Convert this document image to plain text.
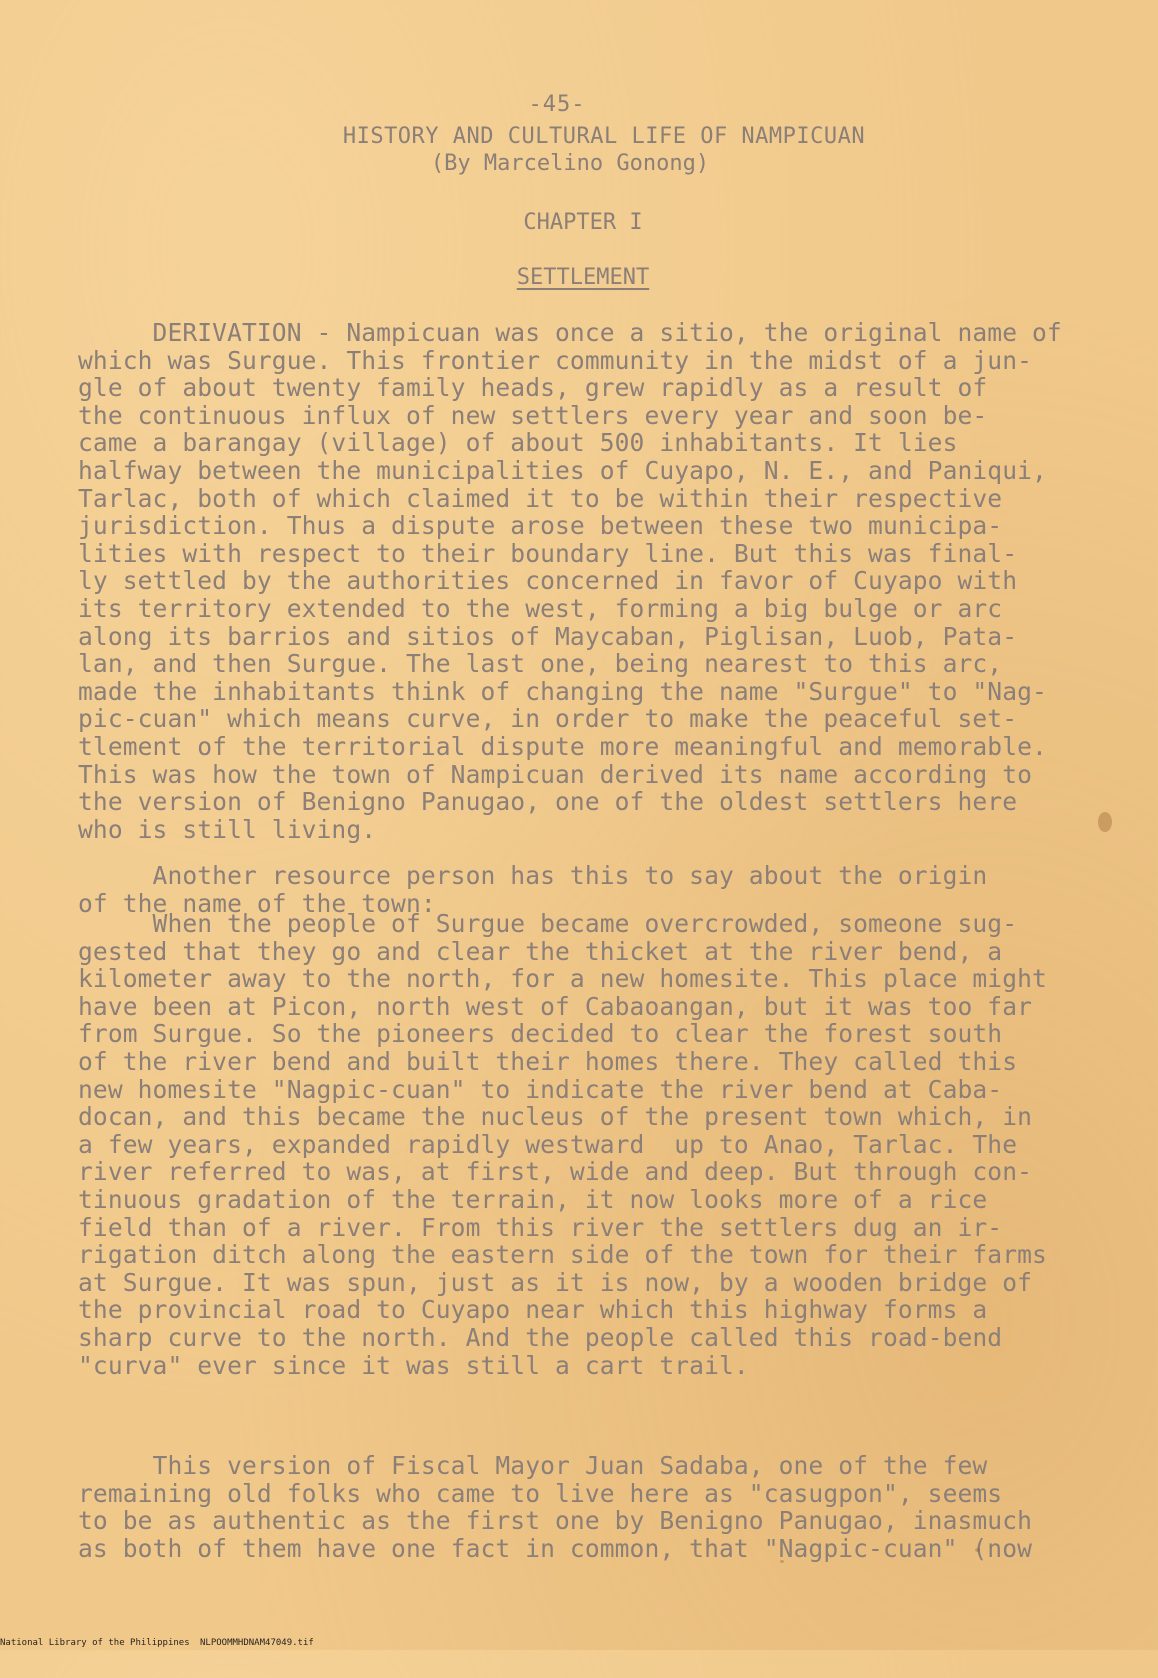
-45-
HISTORY AND CULTURAL LIFE OF NAMPICUAN
(By Marcelino Gonong)
CHAPTER I
SETTLEMENT
DERIVATION - Nampicuan was once a sitio, the original name of
which was Surgue. This frontier community in the midst of a jun-
gle of about twenty family heads, grew rapidly as a result of
the continuous influx of new settlers every year and soon be-
came a barangay (village) of about 500 inhabitants. It lies
halfway between the municipalities of Cuyapo, N. E., and Paniqui,
Tarlac, both of which claimed it to be within their respective
jurisdiction. Thus a dispute arose between these two municipa-
lities with respect to their boundary line. But this was final-
ly settled by the authorities concerned in favor of Cuyapo with
its territory extended to the west, forming a big bulge or arc
along its barrios and sitios of Maycaban, Piglisan, Luob, Pata-
lan, and then Surgue. The last one, being nearest to this arc,
made the inhabitants think of changing the name "Surgue" to "Nag-
pic-cuan" which means curve, in order to make the peaceful set-
tlement of the territorial dispute more meaningful and memorable.
This was how the town of Nampicuan derived its name according to
the version of Benigno Panugao, one of the oldest settlers here
who is still living.
Another resource person has this to say about the origin
of the name of the town:
When the people of Surgue became overcrowded, someone sug-
gested that they go and clear the thicket at the river bend, a
kilometer away to the north, for a new homesite. This place might
have been at Picon, north west of Cabaoangan, but it was too far
from Surgue. So the pioneers decided to clear the forest south
of the river bend and built their homes there. They called this
new homesite "Nagpic-cuan" to indicate the river bend at Caba-
docan, and this became the nucleus of the present town which, in
a few years, expanded rapidly westward  up to Anao, Tarlac. The
river referred to was, at first, wide and deep. But through con-
tinuous gradation of the terrain, it now looks more of a rice
field than of a river. From this river the settlers dug an ir-
rigation ditch along the eastern side of the town for their farms
at Surgue. It was spun, just as it is now, by a wooden bridge of
the provincial road to Cuyapo near which this highway forms a
sharp curve to the north. And the people called this road-bend
"curva" ever since it was still a cart trail.
This version of Fiscal Mayor Juan Sadaba, one of the few
remaining old folks who came to live here as "casugpon", seems
to be as authentic as the first one by Benigno Panugao, inasmuch
as both of them have one fact in common, that "Nagpic-cuan" (now

National Library of the Philippines

NLPOOMMHDNAM47049.tif
